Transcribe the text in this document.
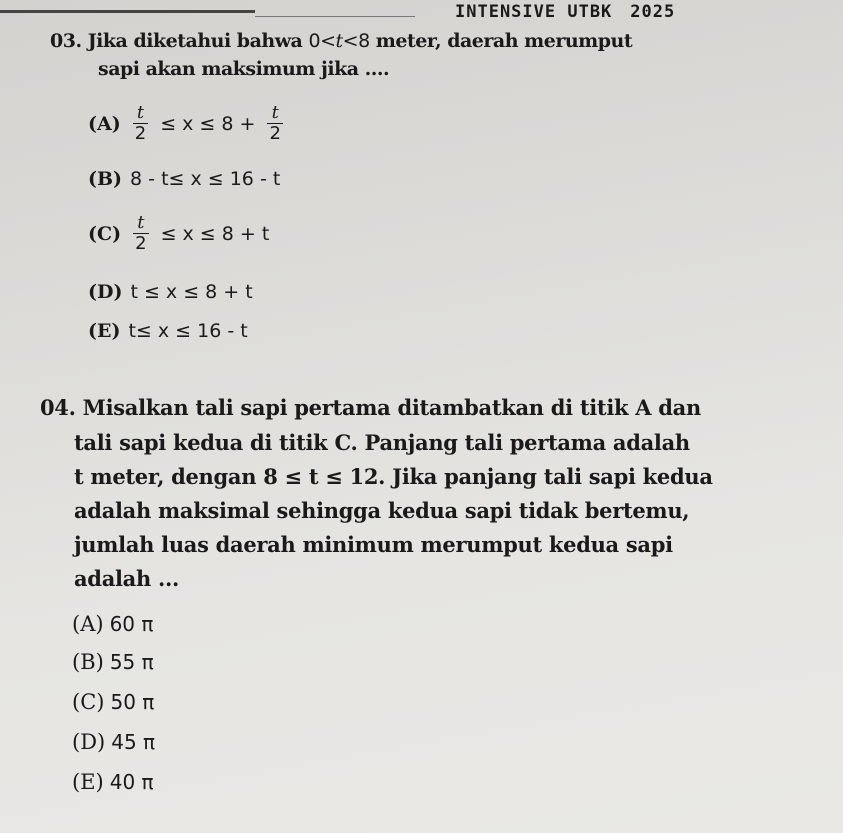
INTENSIVE UTBK 2025
03. Jika diketahui bahwa 0<t<8 meter, daerah merumput
sapi akan maksimum jika ....
$(A) \frac{t}{2} \le x \le 8 + \frac{t}{2}$
(B) 8 - t≤ x ≤ 16 - t
$(C) \frac{t}{2} \le x \le 8 + t$
(D) t ≤ x ≤ 8 + t
(E) t≤ x ≤ 16 - t
04. Misalkan tali sapi pertama ditambatkan di titik A dan
tali sapi kedua di titik C. Panjang tali pertama adalah
t meter, dengan 8 ≤ t ≤ 12. Jika panjang tali sapi kedua
adalah maksimal sehingga kedua sapi tidak bertemu,
jumlah luas daerah minimum merumput kedua sapi
adalah ...
(A) 60 π
(B) 55 π
(C) 50 π
(D) 45 π
(E) 40 π
